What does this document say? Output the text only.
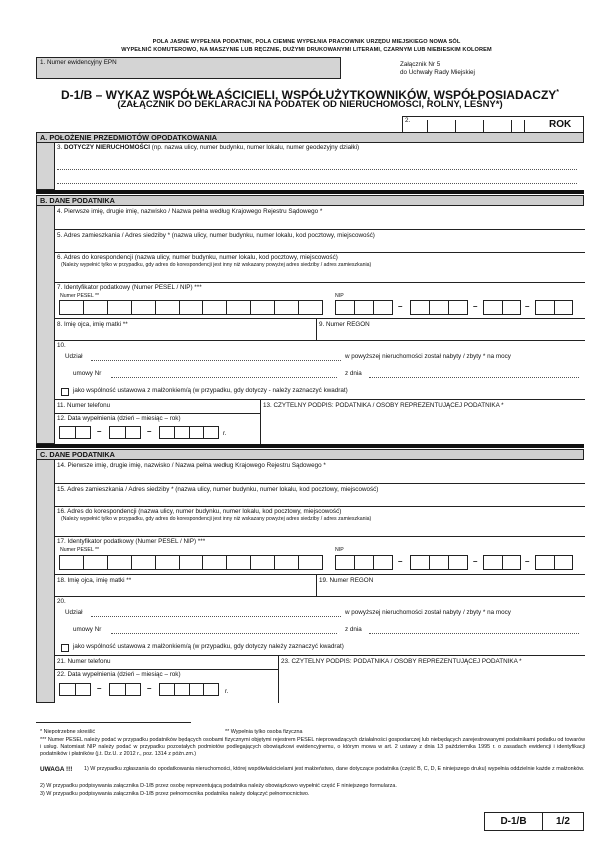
POLA JASNE WYPEŁNIA PODATNIK, POLA CIEMNE WYPEŁNIA PRACOWNIK URZĘDU MIEJSKIEGO NOWA SÓL
WYPEŁNIĆ KOMUTEROWO, NA MASZYNIE LUB RĘCZNIE, DUŻYMI DRUKOWANYMI LITERAMI, CZARNYM LUB NIEBIESKIM KOLOREM
1. Numer ewidencyjny EPN	Załącznik Nr 5
do Uchwały Rady Miejskiej
D-1/B – WYKAZ WSPÓŁWŁAŚCICIELI, WSPÓŁUŻYTKOWNIKÓW, WSPÓŁPOSIADACZY*
(ZAŁĄCZNIK DO DEKLARACJI NA PODATEK OD NIERUCHOMOŚCI, ROLNY, LEŚNY*)
2.	ROK
A. POŁOŻENIE PRZEDMIOTÓW OPODATKOWANIA
3. DOTYCZY NIERUCHOMOŚCI (np. nazwa ulicy, numer budynku, numer lokalu, numer geodezyjny działki)
B. DANE PODATNIKA
4. Pierwsze imię, drugie imię, nazwisko / Nazwa pełna według Krajowego Rejestru Sądowego *
5. Adres zamieszkania / Adres siedziby * (nazwa ulicy, numer budynku, numer lokalu, kod pocztowy, miejscowość)
6. Adres do korespondencji (nazwa ulicy, numer budynku, numer lokalu, kod pocztowy, miejscowość)
(Należy wypełnić tylko w przypadku, gdy adres do korespondencji jest inny niż wskazany powyżej adres siedziby / adres zamieszkania)
7. Identyfikator podatkowy (Numer PESEL / NIP) ***
Numer PESEL **	NIP
–	–	–
8. Imię ojca, imię matki **	9. Numer REGON
10.
Udział	w powyższej nieruchomości został nabyty / zbyty * na mocy
umowy Nr	z dnia
jako wspólność ustawowa z małżonkiem/ą (w przypadku, gdy dotyczy - należy zaznaczyć kwadrat)
11. Numer telefonu	13. CZYTELNY PODPIS: PODATNIKA / OSOBY REPREZENTUJĄCEJ PODATNIKA *
12. Data wypełnienia (dzień – miesiąc – rok)
–	–	r.
C. DANE PODATNIKA
14. Pierwsze imię, drugie imię, nazwisko / Nazwa pełna według Krajowego Rejestru Sądowego *
15. Adres zamieszkania / Adres siedziby * (nazwa ulicy, numer budynku, numer lokalu, kod pocztowy, miejscowość)
16. Adres do korespondencji (nazwa ulicy, numer budynku, numer lokalu, kod pocztowy, miejscowość)
(Należy wypełnić tylko w przypadku, gdy adres do korespondencji jest inny niż wskazany powyżej adres siedziby / adres zamieszkania)
17. Identyfikator podatkowy (Numer PESEL / NIP) ***
Numer PESEL **	NIP
–	–	–
18. Imię ojca, imię matki **	19. Numer REGON
20.
Udział	w powyższej nieruchomości został nabyty / zbyty * na mocy
umowy Nr	z dnia
jako wspólność ustawowa z małżonkiem/ą (w przypadku, gdy dotyczy należy zaznaczyć kwadrat)
21. Numer telefonu	23. CZYTELNY PODPIS: PODATNIKA / OSOBY REPREZENTUJĄCEJ PODATNIKA *
22. Data wypełnienia (dzień – miesiąc – rok)
–	–	r.
* Niepotrzebne skreślić	** Wypełnia tylko osoba fizyczna
*** Numer PESEL należy podać w przypadku podatników będących osobami fizycznymi objętymi rejestrem PESEL nieprowadzących działalności gospodarczej lub niebędących zarejestrowanymi podatnikami podatku od towarów i usług. Natomiast NIP należy podać w przypadku pozostałych podmiotów podlegających obowiązkowi ewidencyjnemu, o którym mowa w art. 2 ustawy z dnia 13 października 1995 r. o zasadach ewidencji i identyfikacji podatników i płatników (j.t. Dz.U. z 2012 r., poz. 1314 z późn.zm.)
UWAGA !!!	1) W przypadku zgłaszania do opodatkowania nieruchomości, której współwłaścicielami jest małżeństwo, dane dotyczące podatnika (część B, C, D, E niniejszego druku) wypełnia oddzielnie każde z małżonków.
2) W przypadku podpisywania załącznika D-1/B przez osobę reprezentującą podatnika należy obowiązkowo wypełnić część F niniejszego formularza.
3) W przypadku podpisywania załącznika D-1/B przez pełnomocnika podatnika należy dołączyć pełnomocnictwo.
D-1/B	1/2
